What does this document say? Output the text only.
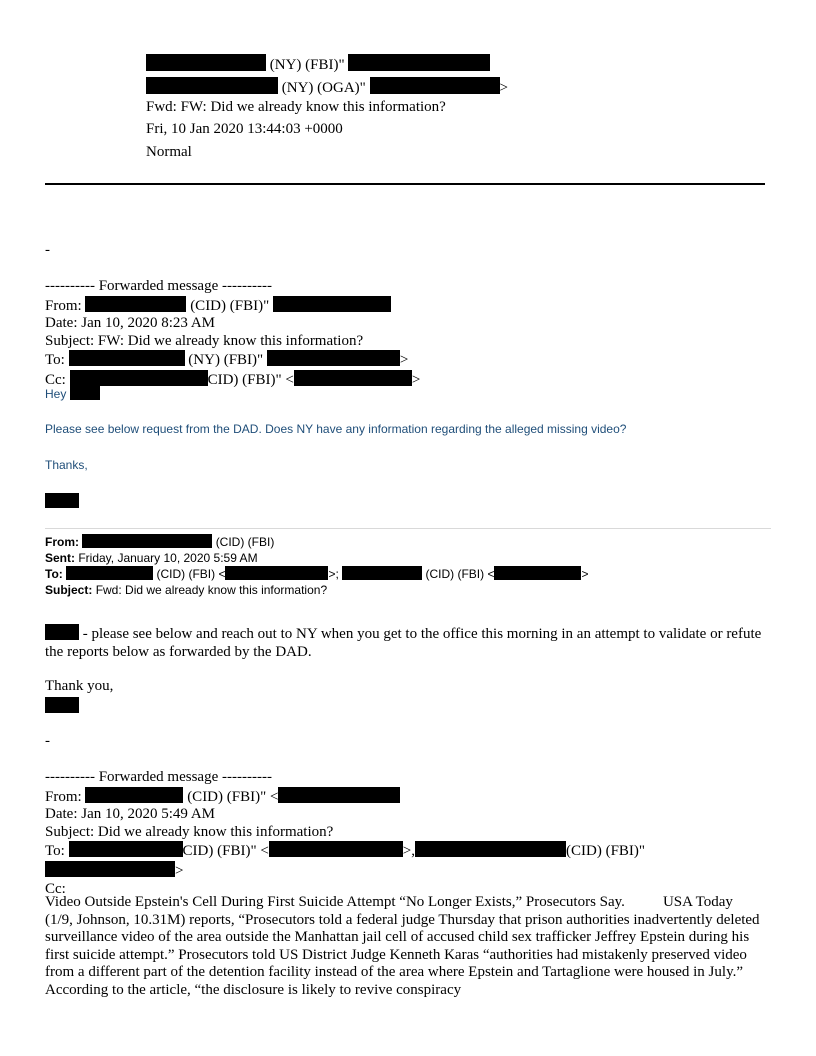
(NY) (FBI)"
(NY) (OGA)"	>
Fwd: FW: Did we already know this information?
Fri, 10 Jan 2020 13:44:03 +0000
Normal
-
---------- Forwarded message ----------
From:	(CID) (FBI)"
Date: Jan 10, 2020 8:23 AM
Subject: FW: Did we already know this information?
To:	(NY) (FBI)"	>
Cc:	CID) (FBI)" <	>
Hey
Please see below request from the DAD. Does NY have any information regarding the alleged missing video?
Thanks,
From:	(CID) (FBI)
Sent: Friday, January 10, 2020 5:59 AM
To:	(CID) (FBI) <	>;	(CID) (FBI) <	>
Subject: Fwd: Did we already know this information?
- please see below and reach out to NY when you get to the office this morning in an attempt to validate or refute the reports below as forwarded by the DAD.
Thank you,
-
---------- Forwarded message ----------
From:	(CID) (FBI)" <
Date: Jan 10, 2020 5:49 AM
Subject: Did we already know this information?
To:	CID) (FBI)" <	>,	(CID) (FBI)"
>
Cc:
Video Outside Epstein's Cell During First Suicide Attempt “No Longer Exists,” Prosecutors Say.	USA Today(1/9, Johnson, 10.31M) reports, “Prosecutors told a federal judge Thursday that prison authorities inadvertently deleted surveillance video of the area outside the Manhattan jail cell of accused child sex trafficker Jeffrey Epstein during his first suicide attempt.” Prosecutors told US District Judge Kenneth Karas “authorities had mistakenly preserved video from a different part of the detention facility instead of the area where Epstein and Tartaglione were housed in July.” According to the article, “the disclosure is likely to revive conspiracy
